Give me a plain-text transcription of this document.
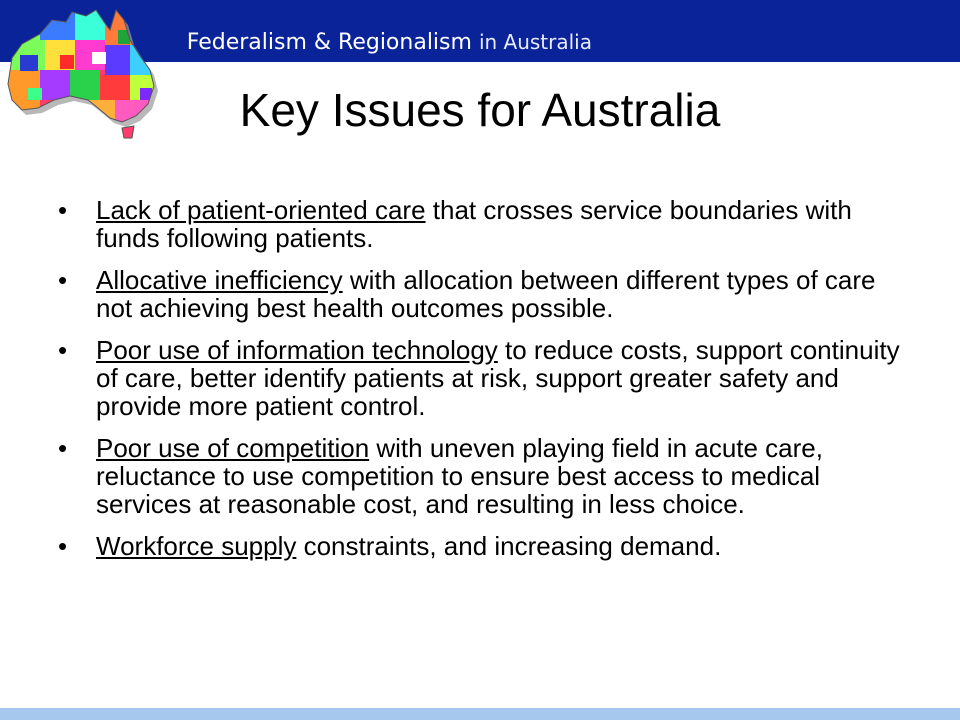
Federalism & Regionalism in Australia
Key Issues for Australia
• Lack of patient-oriented care that crosses service boundaries with funds following patients.
• Allocative inefficiency with allocation between different types of care not achieving best health outcomes possible.
• Poor use of information technology to reduce costs, support continuity of care, better identify patients at risk, support greater safety and provide more patient control.
• Poor use of competition with uneven playing field in acute care, reluctance to use competition to ensure best access to medical services at reasonable cost, and resulting in less choice.
• Workforce supply constraints, and increasing demand.
